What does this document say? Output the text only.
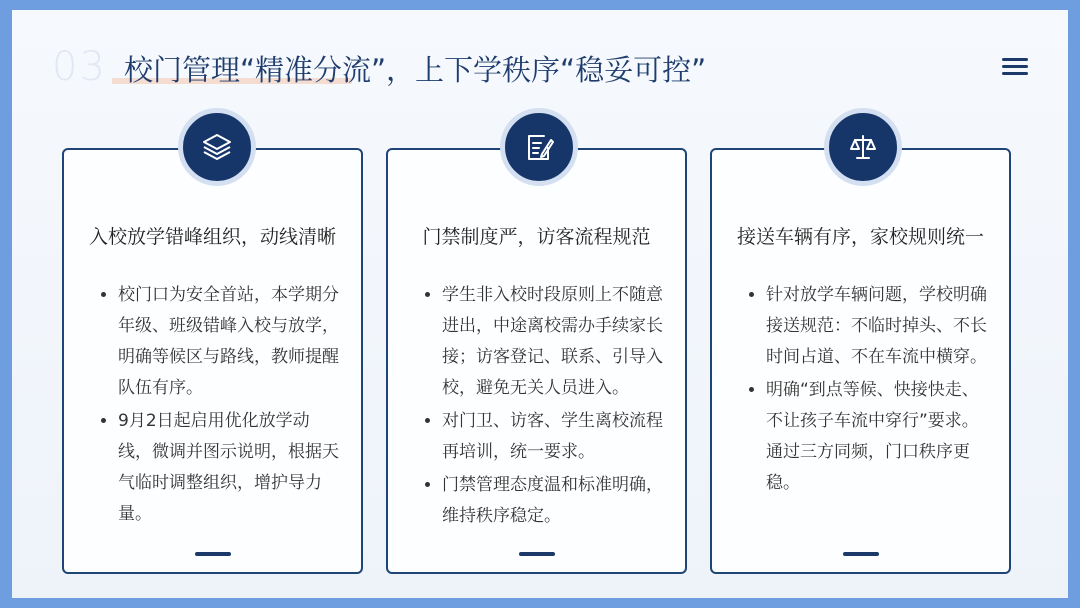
03 校门管理“精准分流”，上下学秩序“稳妥可控”
入校放学错峰组织，动线清晰
• 校门口为安全首站，本学期分年级、班级错峰入校与放学，明确等候区与路线，教师提醒队伍有序。
• 9月2日起启用优化放学动线，微调并图示说明，根据天气临时调整组织，增护导力量。
门禁制度严，访客流程规范
• 学生非入校时段原则上不随意进出，中途离校需办手续家长接；访客登记、联系、引导入校，避免无关人员进入。
• 对门卫、访客、学生离校流程再培训，统一要求。
• 门禁管理态度温和标准明确，维持秩序稳定。
接送车辆有序，家校规则统一
• 针对放学车辆问题，学校明确接送规范：不临时掉头、不长时间占道、不在车流中横穿。
• 明确“到点等候、快接快走、不让孩子车流中穿行”要求。通过三方同频，门口秩序更稳。
